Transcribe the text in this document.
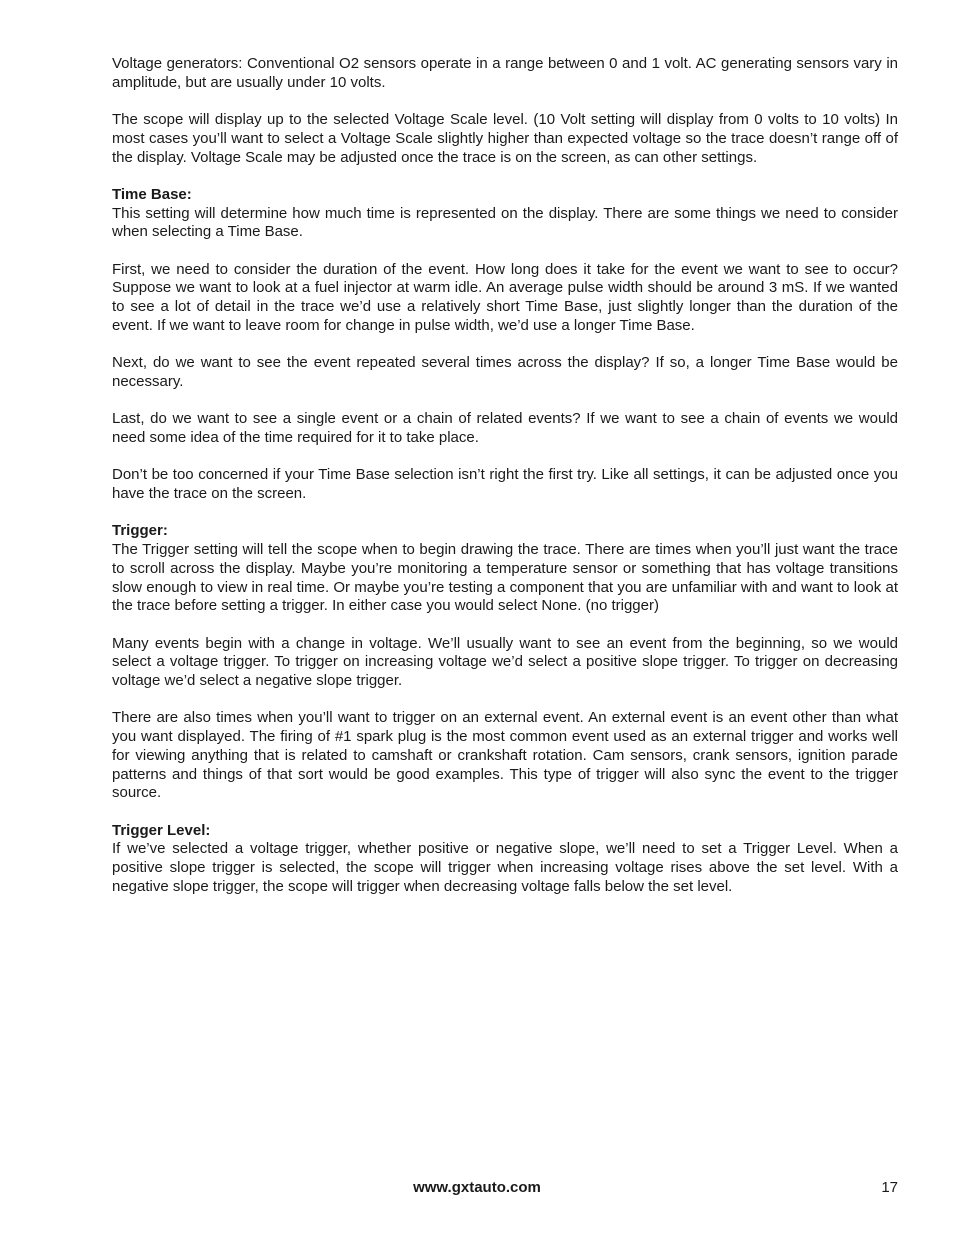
Voltage generators: Conventional O2 sensors operate in a range between 0 and 1 volt. AC generating sensors vary in amplitude, but are usually under 10 volts.

The scope will display up to the selected Voltage Scale level. (10 Volt setting will display from 0 volts to 10 volts) In most cases you’ll want to select a Voltage Scale slightly higher than expected voltage so the trace doesn’t range off of the display. Voltage Scale may be adjusted once the trace is on the screen, as can other settings.

Time Base:

This setting will determine how much time is represented on the display. There are some things we need to consider when selecting a Time Base.

First, we need to consider the duration of the event. How long does it take for the event we want to see to occur? Suppose we want to look at a fuel injector at warm idle. An average pulse width should be around 3 mS. If we wanted to see a lot of detail in the trace we’d use a relatively short Time Base, just slightly longer than the duration of the event. If we want to leave room for change in pulse width, we’d use a longer Time Base.

Next, do we want to see the event repeated several times across the display? If so, a longer Time Base would be necessary.

Last, do we want to see a single event or a chain of related events? If we want to see a chain of events we would need some idea of the time required for it to take place.

Don’t be too concerned if your Time Base selection isn’t right the first try. Like all settings, it can be adjusted once you have the trace on the screen.

Trigger:

The Trigger setting will tell the scope when to begin drawing the trace. There are times when you’ll just want the trace to scroll across the display. Maybe you’re monitoring a temperature sensor or something that has voltage transitions slow enough to view in real time. Or maybe you’re testing a component that you are unfamiliar with and want to look at the trace before setting a trigger. In either case you would select None. (no trigger)

Many events begin with a change in voltage. We’ll usually want to see an event from the beginning, so we would select a voltage trigger. To trigger on increasing voltage we’d select a positive slope trigger. To trigger on decreasing voltage we’d select a negative slope trigger.

There are also times when you’ll want to trigger on an external event. An external event is an event other than what you want displayed. The firing of #1 spark plug is the most common event used as an external trigger and works well for viewing anything that is related to camshaft or crankshaft rotation. Cam sensors, crank sensors, ignition parade patterns and things of that sort would be good examples. This type of trigger will also sync the event to the trigger source.

Trigger Level:

If we’ve selected a voltage trigger, whether positive or negative slope, we’ll need to set a Trigger Level. When a positive slope trigger is selected, the scope will trigger when increasing voltage rises above the set level. With a negative slope trigger, the scope will trigger when decreasing voltage falls below the set level.

www.gxtauto.com	17
